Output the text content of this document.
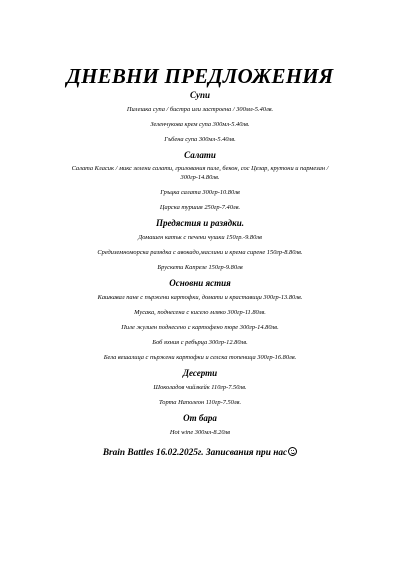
ДНЕВНИ ПРЕДЛОЖЕНИЯ
Супи
Пилешка супа / бистра или застроена / 300мл-5.40лв.
Зеленчукова крем супа 300мл-5.40лв.
Гъбена супа 300мл-5.40лв.
Салати
Салата Класик / микс зелени салати, грилования пиле, бекон, сос Цезар, крутони и пармезан / 300гр-14.80лв.
Гръцка салата 300гр-10.80лв
Царска туршия 250гр-7.40лв.
Предястия и разядки.
Домашен катък с печени чушки 150гр.-9.80лв
Средиземноморска разядка с авокадо,маслини и крема сирене 150гр-8.80лв.
Брускети Капрезе 150гр-9.80лв
Основни ястия
Кашкавал пане с пържени картофки, домати и краставици 300гр-13.80лв.
Мусака, поднесена с кисело мляко 300гр-11.80лв.
Пиле жулиен поднесено с картофено пюре 300гр-14.80лв.
Боб яхния с ребърца 300гр-12.80лв.
Бела вешалица с пържени картофки и селска топеница 300гр-16.80лв.
Десерти
Шоколадов чийзкейк 110гр-7.50лв.
Торта Наполеон 110гр-7.50лв.
От бара
Hot wine 300мл-8.20лв
Brain Battles 16.02.2025г. Записвания при нас
